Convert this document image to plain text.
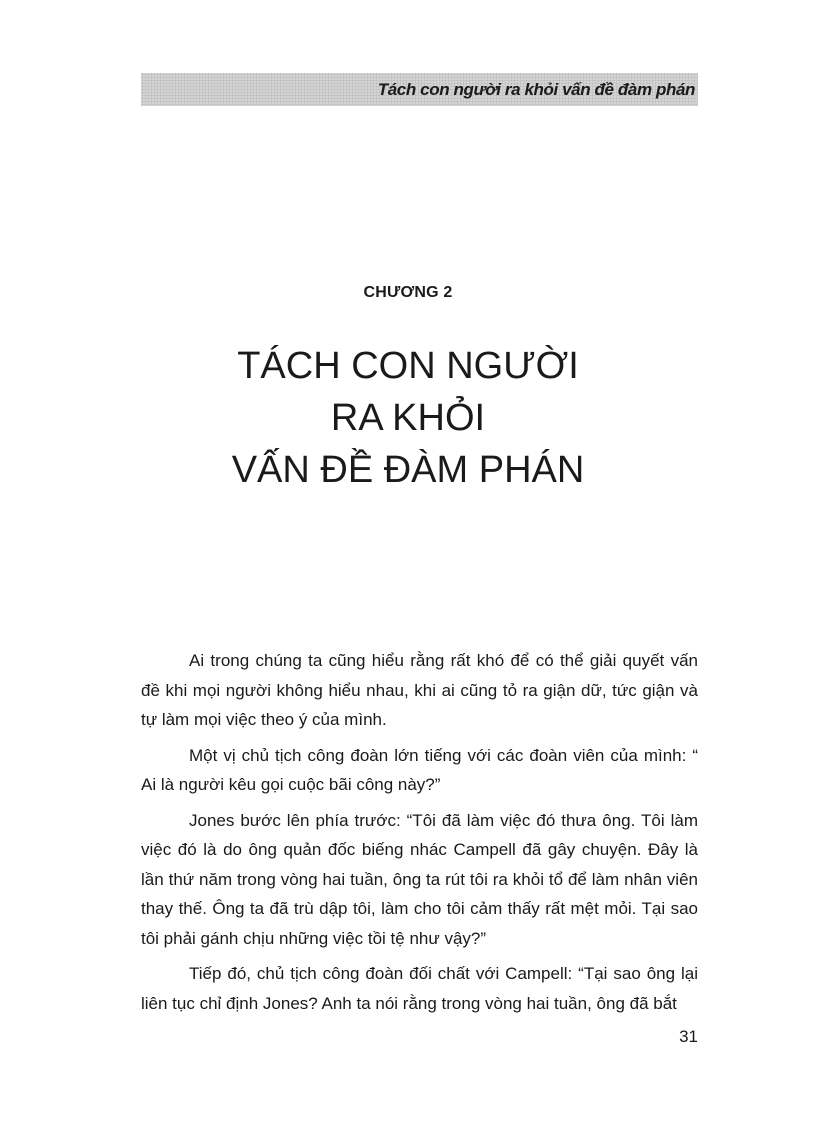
Tách con người ra khỏi vấn đề đàm phán
CHƯƠNG 2
TÁCH CON NGƯỜI
RA KHỎI
VẤN ĐỀ ĐÀM PHÁN

Ai trong chúng ta cũng hiểu rằng rất khó để có thể giải quyết vấn đề khi mọi người không hiểu nhau, khi ai cũng tỏ ra giận dữ, tức giận và tự làm mọi việc theo ý của mình.

Một vị chủ tịch công đoàn lớn tiếng với các đoàn viên của mình: “ Ai là người kêu gọi cuộc bãi công này?”

Jones bước lên phía trước: “Tôi đã làm việc đó thưa ông. Tôi làm việc đó là do ông quản đốc biếng nhác Campell đã gây chuyện. Đây là lần thứ năm trong vòng hai tuần, ông ta rút tôi ra khỏi tổ để làm nhân viên thay thế. Ông ta đã trù dập tôi, làm cho tôi cảm thấy rất mệt mỏi. Tại sao tôi phải gánh chịu những việc tồi tệ như vậy?”

Tiếp đó, chủ tịch công đoàn đối chất với Campell: “Tại sao ông lại liên tục chỉ định Jones? Anh ta nói rằng trong vòng hai tuần, ông đã bắt

31
